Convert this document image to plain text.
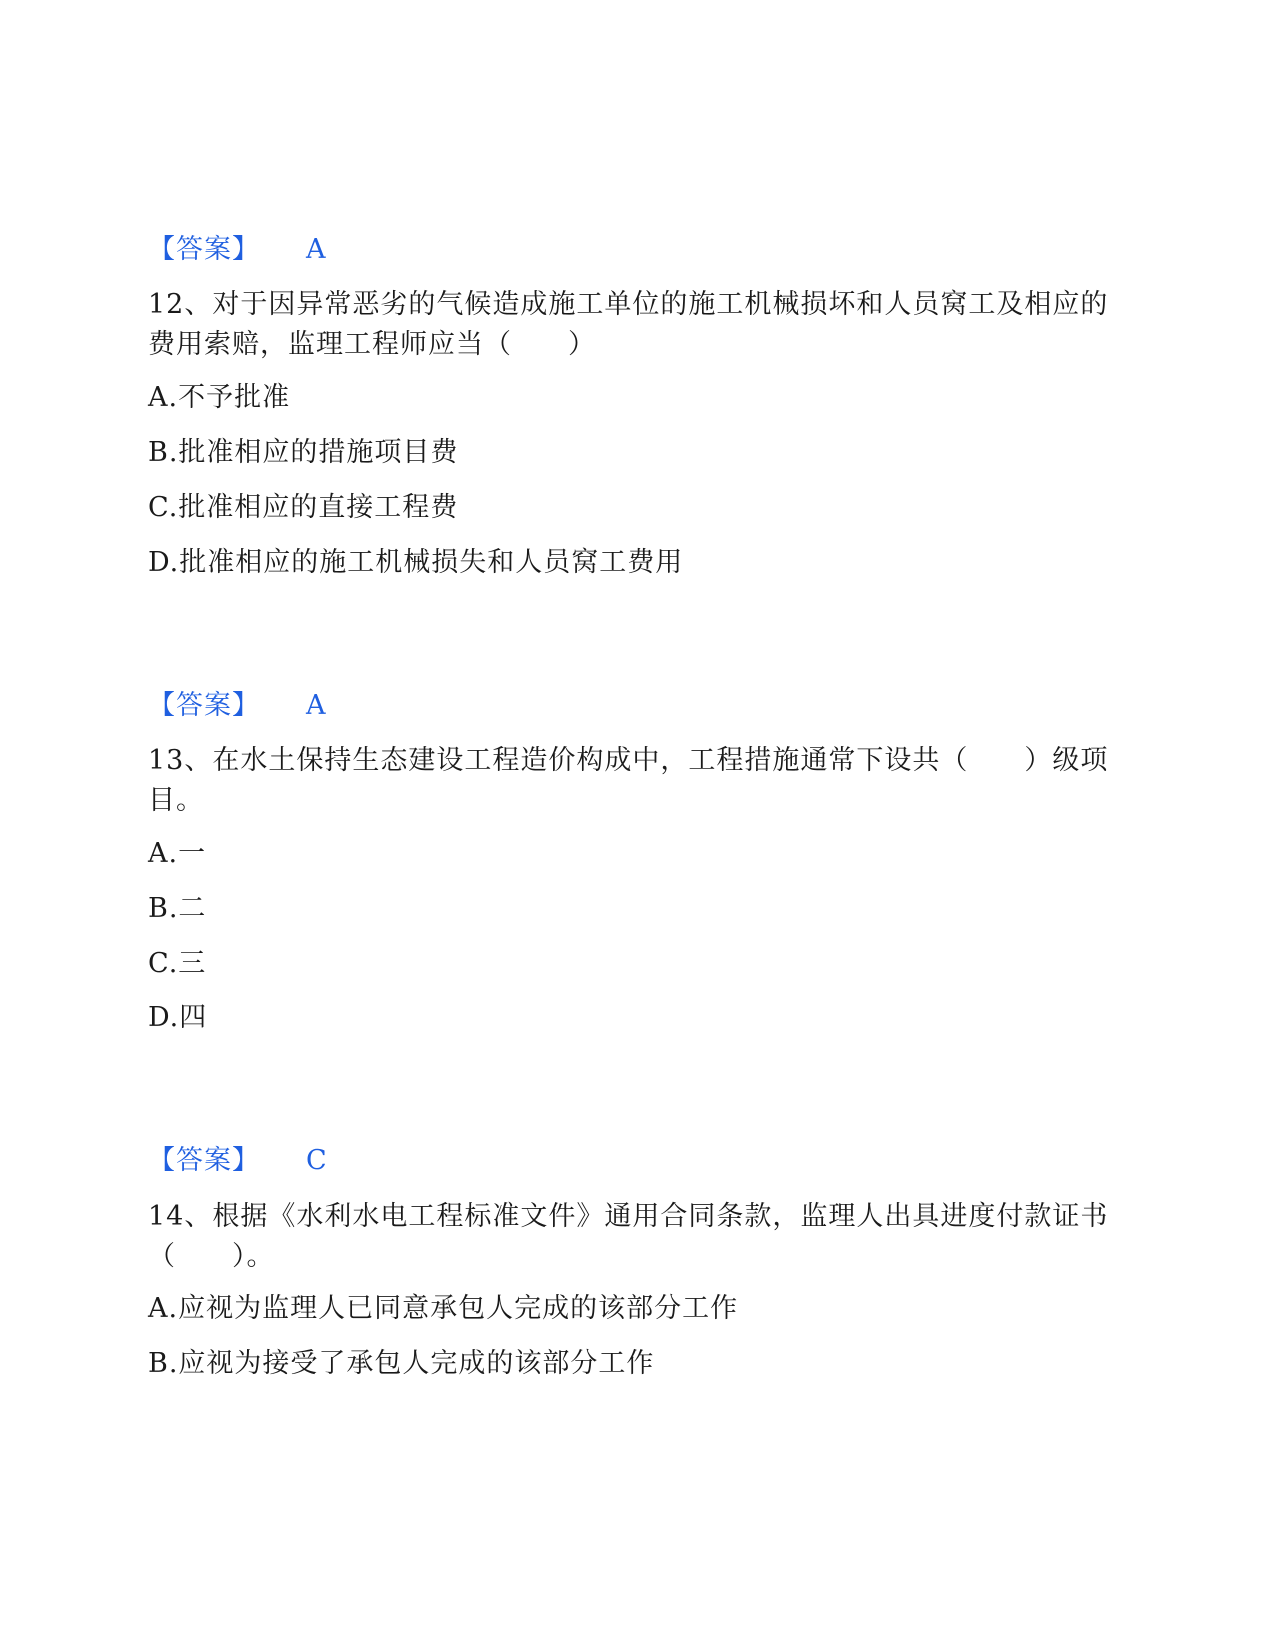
【答案】 A
12、对于因异常恶劣的气候造成施工单位的施工机械损坏和人员窝工及相应的费用索赔，监理工程师应当（　　）
A.不予批准
B.批准相应的措施项目费
C.批准相应的直接工程费
D.批准相应的施工机械损失和人员窝工费用
【答案】 A
13、在水土保持生态建设工程造价构成中，工程措施通常下设共（　　）级项目。
A.一
B.二
C.三
D.四
【答案】 C
14、根据《水利水电工程标准文件》通用合同条款，监理人出具进度付款证书（　　）。
A.应视为监理人已同意承包人完成的该部分工作
B.应视为接受了承包人完成的该部分工作
